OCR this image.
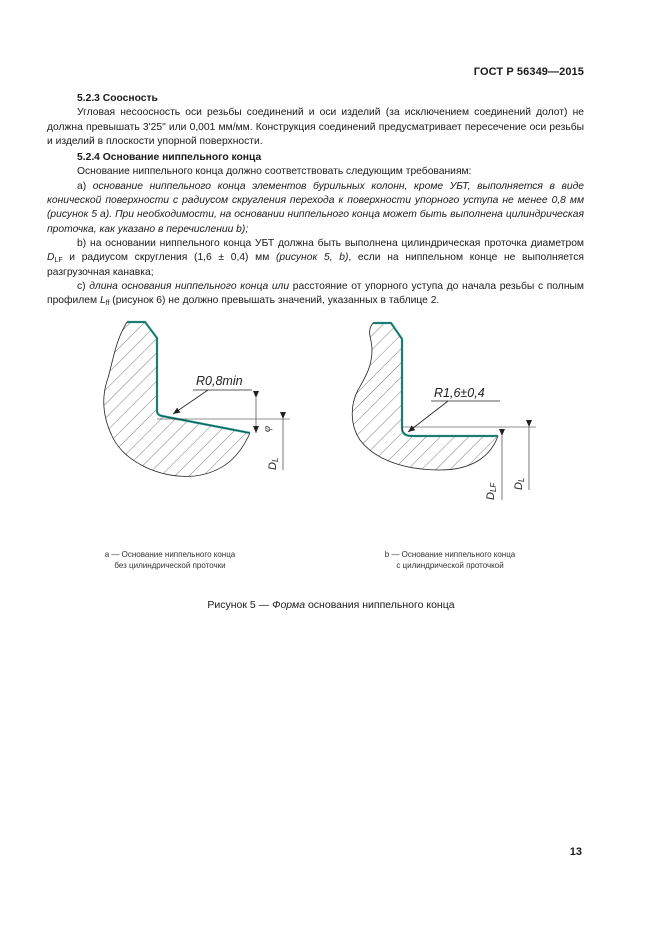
ГОСТ Р 56349—2015

5.2.3 Соосность

Угловая несоосность оси резьбы соединений и оси изделий (за исключением соединений долот) не должна превышать 3'25" или 0,001 мм/мм. Конструкция соединений предусматривает пересечение оси резьбы и изделий в плоскости упорной поверхности.

5.2.4 Основание ниппельного конца

Основание ниппельного конца должно соответствовать следующим требованиям:

а) основание ниппельного конца элементов бурильных колонн, кроме УБТ, выполняется в виде конической поверхности с радиусом скругления перехода к поверхности упорного уступа не менее 0,8 мм (рисунок 5 а). При необходимости, на основании ниппельного конца может быть выполнена цилиндрическая проточка, как указано в перечислении b);

b) на основании ниппельного конца УБТ должна быть выполнена цилиндрическая проточка диаметром $D_{LF}$ и радиусом скругления (1,6 ± 0,4) мм (рисунок 5, b), если на ниппельном конце не выполняется разгрузочная канавка;

c) длина основания ниппельного конца или расстояние от упорного уступа до начала резьбы с полным профилем $L_{ff}$ (рисунок 6) не должно превышать значений, указанных в таблице 2.

R0,8min
φ
DL
R1,6±0,4
DLF DL
а — Основание ниппельного конца
без цилиндрической проточки
b — Основание ниппельного конца
с цилиндрической проточкой
Рисунок 5 — Форма основания ниппельного конца
13
